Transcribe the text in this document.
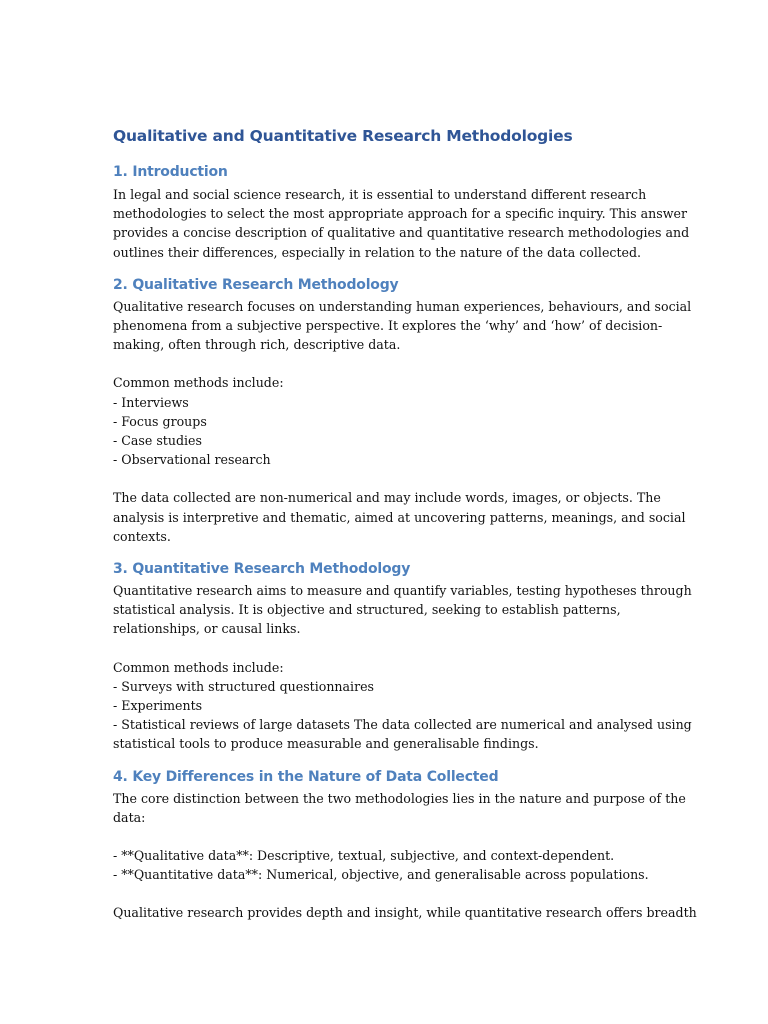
Qualitative and Quantitative Research Methodologies
1. Introduction

In legal and social science research, it is essential to understand different research
methodologies to select the most appropriate approach for a specific inquiry. This answer
provides a concise description of qualitative and quantitative research methodologies and
outlines their differences, especially in relation to the nature of the data collected.

2. Qualitative Research Methodology

Qualitative research focuses on understanding human experiences, behaviours, and social
phenomena from a subjective perspective. It explores the ‘why’ and ‘how’ of decision-
making, often through rich, descriptive data.

Common methods include:
- Interviews
- Focus groups
- Case studies
- Observational research

The data collected are non-numerical and may include words, images, or objects. The
analysis is interpretive and thematic, aimed at uncovering patterns, meanings, and social
contexts.

3. Quantitative Research Methodology

Quantitative research aims to measure and quantify variables, testing hypotheses through
statistical analysis. It is objective and structured, seeking to establish patterns,
relationships, or causal links.

Common methods include:
- Surveys with structured questionnaires
- Experiments
- Statistical reviews of large datasets The data collected are numerical and analysed using
statistical tools to produce measurable and generalisable findings.

4. Key Differences in the Nature of Data Collected

The core distinction between the two methodologies lies in the nature and purpose of the
data:

- **Qualitative data**: Descriptive, textual, subjective, and context-dependent.
- **Quantitative data**: Numerical, objective, and generalisable across populations.

Qualitative research provides depth and insight, while quantitative research offers breadth
